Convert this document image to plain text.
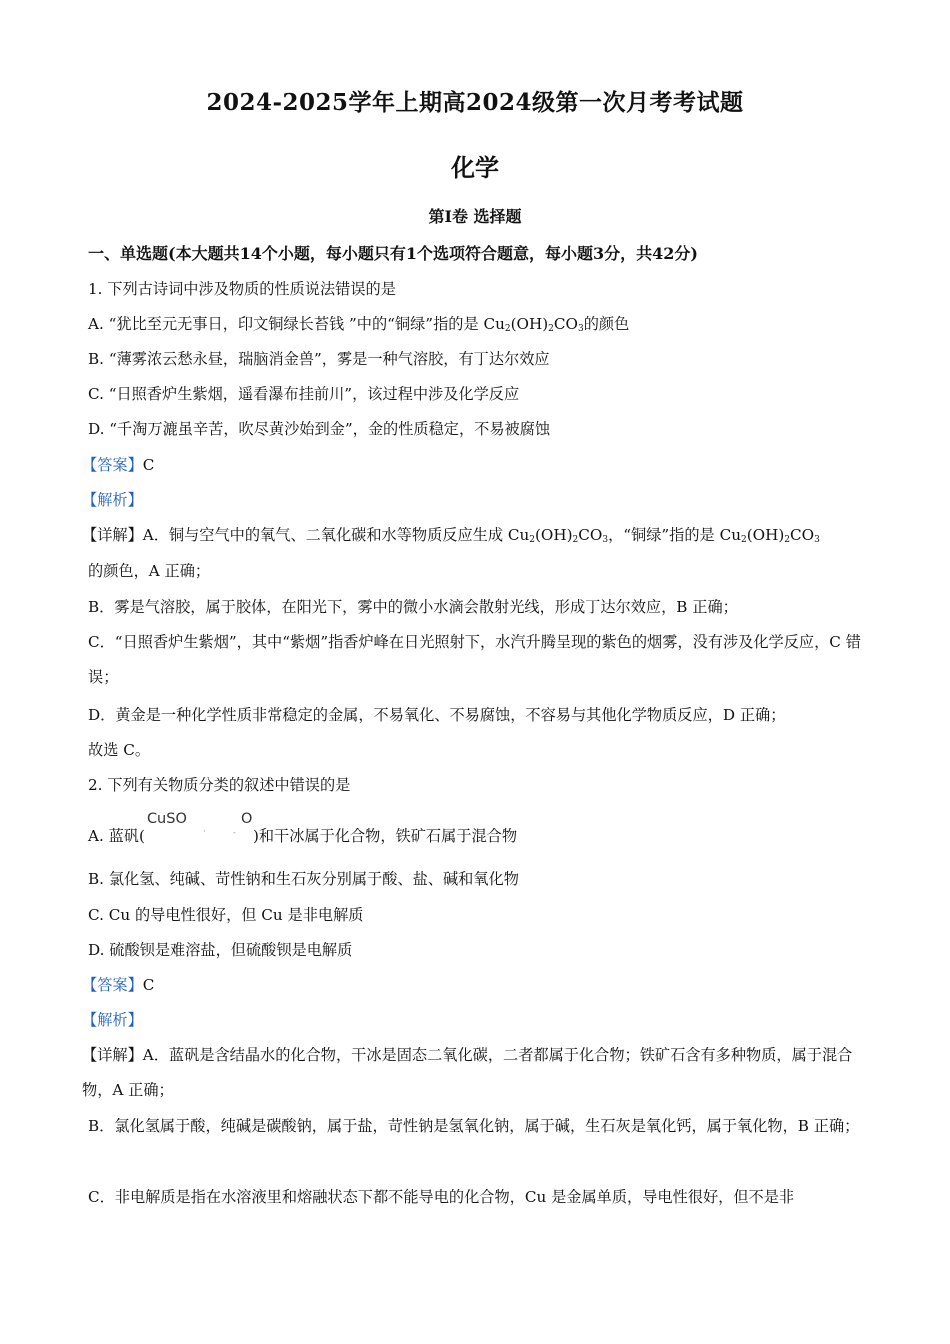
2024-2025学年上期高2024级第一次月考考试题
化学
第Ⅰ卷 选择题
一、单选题(本大题共14个小题，每小题只有1个选项符合题意，每小题3分，共42分)
1. 下列古诗词中涉及物质的性质说法错误的是
A. “犹比至元无事日，印文铜绿长苔钱 ”中的“铜绿”指的是 $Cu_2(OH)_2CO_3$的颜色
B. “薄雾浓云愁永昼，瑞脑消金兽”，雾是一种气溶胶，有丁达尔效应
C. “日照香炉生紫烟，遥看瀑布挂前川”，该过程中涉及化学反应
D. “千淘万漉虽辛苦，吹尽黄沙始到金”，金的性质稳定，不易被腐蚀
【答案】C
【解析】
【详解】A．铜与空气中的氧气、二氧化碳和水等物质反应生成 $Cu_2(OH)_2CO_3$，“铜绿”指的是 $Cu_2(OH)_2CO_3$
的颜色，A 正确；
B．雾是气溶胶，属于胶体，在阳光下，雾中的微小水滴会散射光线，形成丁达尔效应，B 正确；
C．“日照香炉生紫烟”，其中“紫烟”指香炉峰在日光照射下，水汽升腾呈现的紫色的烟雾，没有涉及化学反应，C 错误；
D．黄金是一种化学性质非常稳定的金属，不易氧化、不易腐蚀，不容易与其他化学物质反应，D 正确；
故选 C。
2. 下列有关物质分类的叙述中错误的是
A. 蓝矾(
CuSO
·	-
O
)和干冰属于化合物，铁矿石属于混合物
B. 氯化氢、纯碱、苛性钠和生石灰分别属于酸、盐、碱和氧化物
C. Cu 的导电性很好，但 Cu 是非电解质
D. 硫酸钡是难溶盐，但硫酸钡是电解质
【答案】C
【解析】
【详解】A．蓝矾是含结晶水的化合物，干冰是固态二氧化碳，二者都属于化合物；铁矿石含有多种物质，属于混合物，A 正确；
B．氯化氢属于酸，纯碱是碳酸钠，属于盐，苛性钠是氢氧化钠，属于碱，生石灰是氧化钙，属于氧化物，B 正确；
C．非电解质是指在水溶液里和熔融状态下都不能导电的化合物，Cu 是金属单质，导电性很好，但不是非
